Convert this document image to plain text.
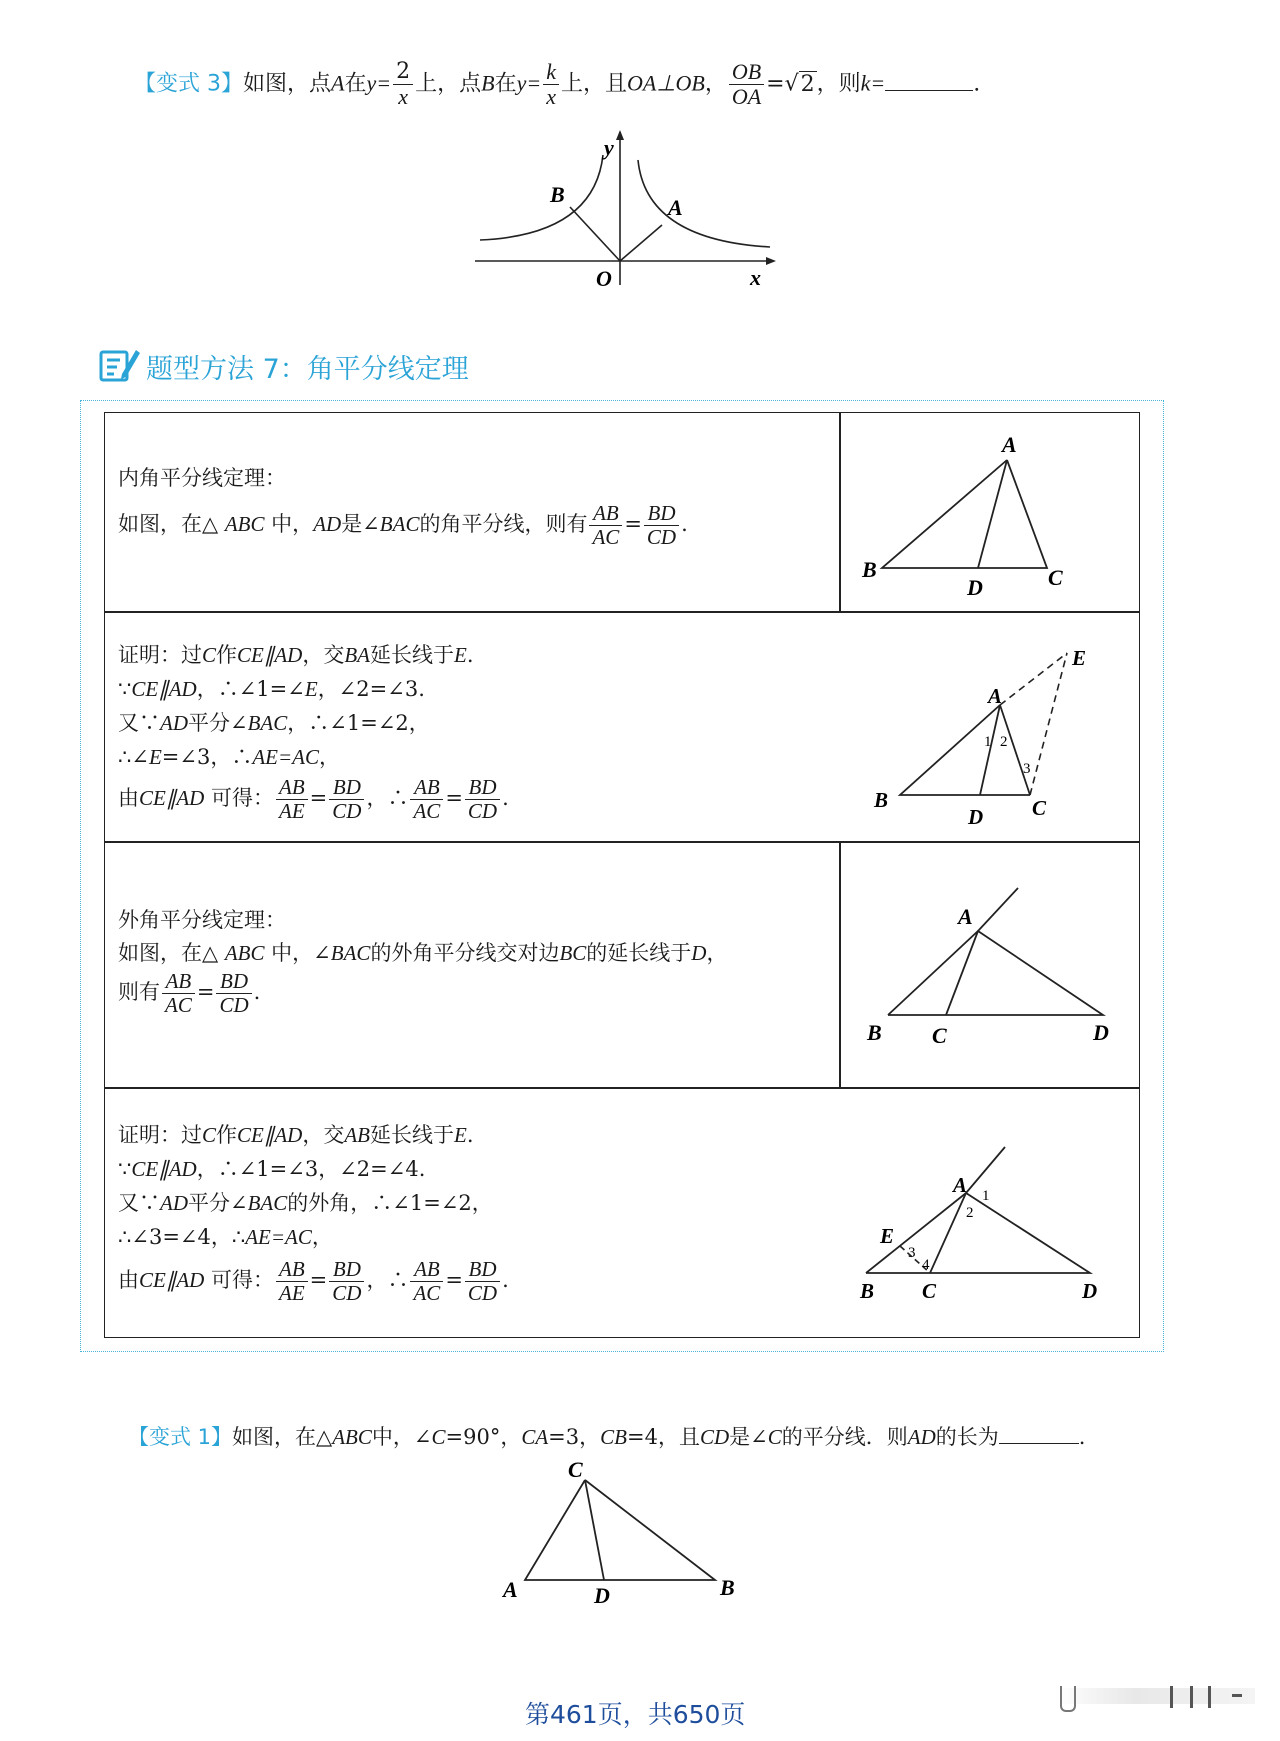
【变式 3】如图，点A在$y= \frac{2}{x}$ 上，点B在$y= \frac{k}{x}$ 上，且OA⊥OB， $\frac{OB}{OA} =√2$，则k=	.
y
B
A
O	x
题型方法 7：角平分线定理
内角平分线定理：
如图，在△ ABC 中，AD是∠BAC的角平分线，则有 $\frac{AB}{AC} = \frac{BD}{CD}$ .
A
B
D	C
证明：过C作CE∥AD，交BA延长线于E.
∵CE∥AD，∴∠1=∠E，∠2=∠3.
又∵AD平分∠BAC，∴∠1=∠2，
∴∠E=∠3，∴AE=AC，
由CE∥AD 可得： $\frac{AB}{AE} = \frac{BD}{CD}$ ，∴ $\frac{AB}{AC} = \frac{BD}{CD}$ .
A
B
D C
E
1 2
3
外角平分线定理：
如图，在△ ABC 中，∠BAC的外角平分线交对边BC的延长线于D，
则有 $\frac{AB}{AC} = \frac{BD}{CD}$ .
A
B C	D
证明：过C作CE∥AD，交AB延长线于E.
∵CE∥AD，∴∠1=∠3，∠2=∠4.
又∵AD平分∠BAC的外角，∴∠1=∠2，
∴∠3=∠4，∴AE=AC，
由CE∥AD 可得： $\frac{AB}{AE} = \frac{BD}{CD}$ ，∴ $\frac{AB}{AC} = \frac{BD}{CD}$ .
A
B C	D
E
1
2
3
4
【变式 1】如图，在△ABC中，∠C=90°，CA=3，CB=4，且CD是∠C的平分线．则AD的长为	.
C
A	D	B
第461页，共650页
